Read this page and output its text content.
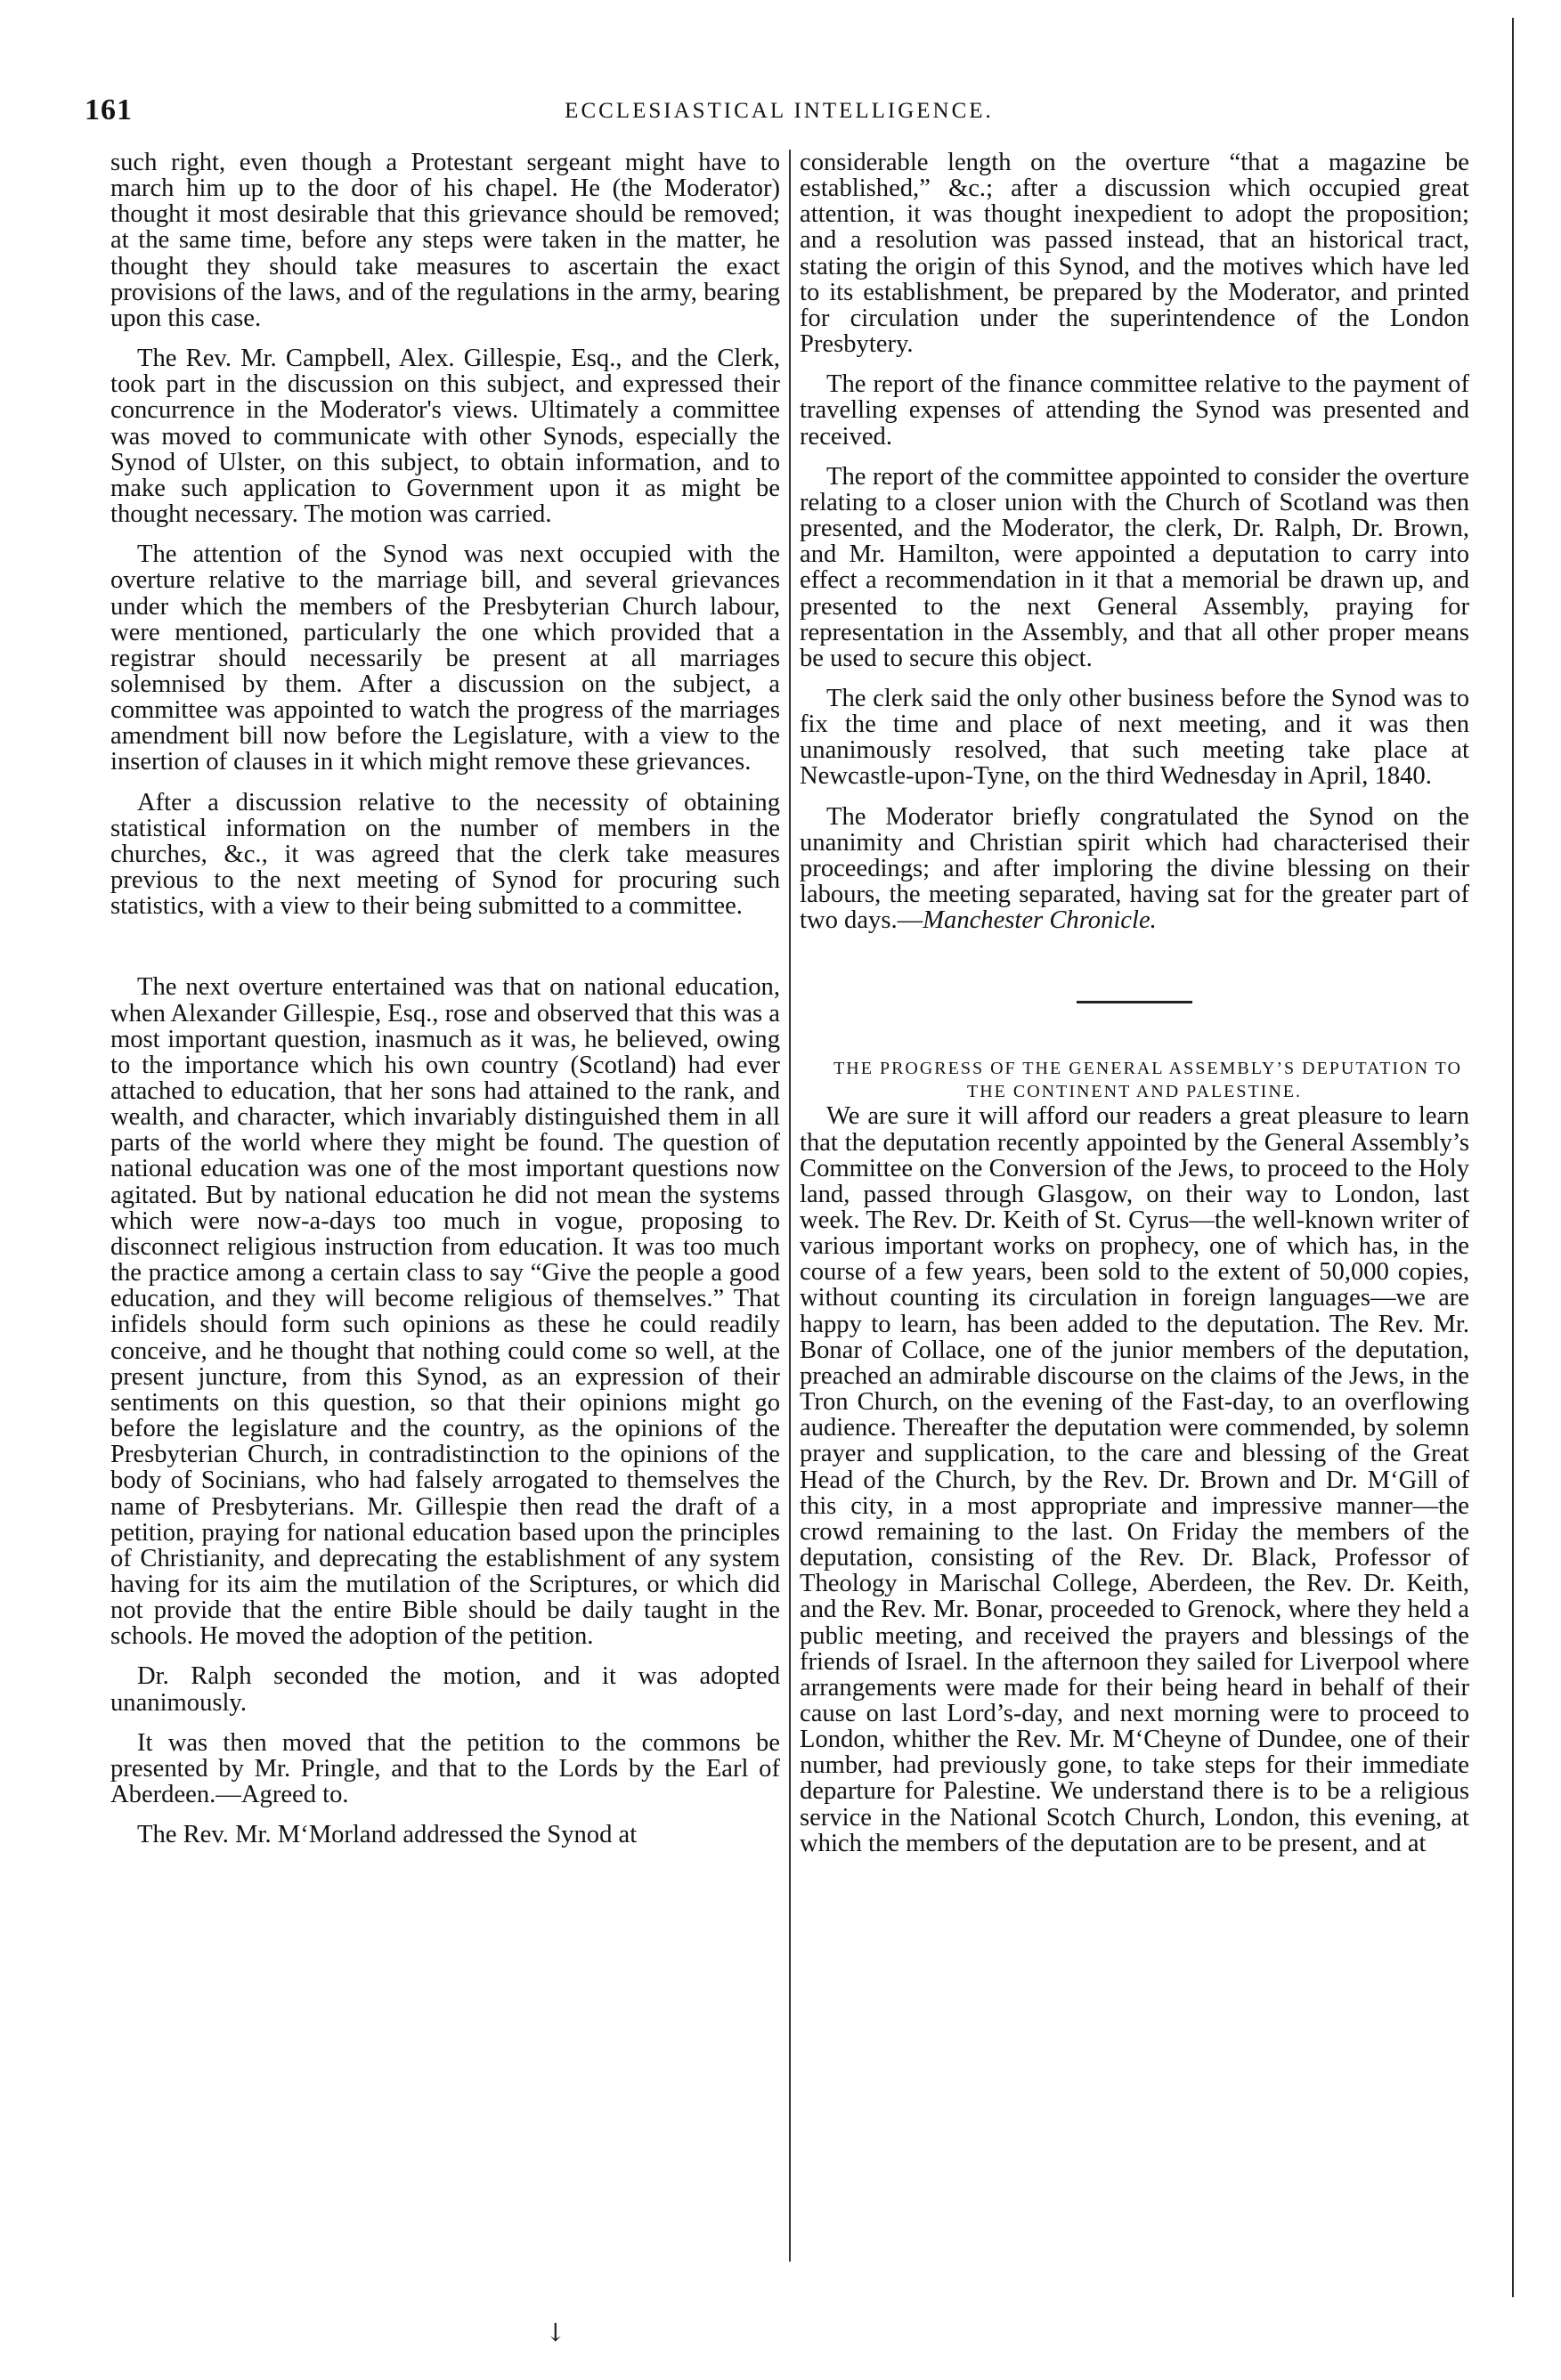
161	ECCLESIASTICAL INTELLIGENCE.

such right, even though a Protestant sergeant might have to march him up to the door of his chapel. He (the Moderator) thought it most desirable that this grievance should be removed; at the same time, before any steps were taken in the matter, he thought they should take measures to ascertain the exact provisions of the laws, and of the regulations in the army, bearing upon this case.

The Rev. Mr. Campbell, Alex. Gillespie, Esq., and the Clerk, took part in the discussion on this subject, and expressed their concurrence in the Moderator's views. Ultimately a committee was moved to communicate with other Synods, especially the Synod of Ulster, on this subject, to obtain information, and to make such application to Government upon it as might be thought necessary. The motion was carried.

The attention of the Synod was next occupied with the overture relative to the marriage bill, and several grievances under which the members of the Presbyterian Church labour, were mentioned, particularly the one which provided that a registrar should necessarily be present at all marriages solemnised by them. After a discussion on the subject, a committee was appointed to watch the progress of the marriages amendment bill now before the Legislature, with a view to the insertion of clauses in it which might remove these grievances.

After a discussion relative to the necessity of obtaining statistical information on the number of members in the churches, &c., it was agreed that the clerk take measures previous to the next meeting of Synod for procuring such statistics, with a view to their being submitted to a committee.

The next overture entertained was that on national education, when Alexander Gillespie, Esq., rose and observed that this was a most important question, inasmuch as it was, he believed, owing to the importance which his own country (Scotland) had ever attached to education, that her sons had attained to the rank, and wealth, and character, which invariably distinguished them in all parts of the world where they might be found. The question of national education was one of the most important questions now agitated. But by national education he did not mean the systems which were now-a-days too much in vogue, proposing to disconnect religious instruction from education. It was too much the practice among a certain class to say “Give the people a good education, and they will become religious of themselves.” That infidels should form such opinions as these he could readily conceive, and he thought that nothing could come so well, at the present juncture, from this Synod, as an expression of their sentiments on this question, so that their opinions might go before the legislature and the country, as the opinions of the Presbyterian Church, in contradistinction to the opinions of the body of Socinians, who had falsely arrogated to themselves the name of Presbyterians. Mr. Gillespie then read the draft of a petition, praying for national education based upon the principles of Christianity, and deprecating the establishment of any system having for its aim the mutilation of the Scriptures, or which did not provide that the entire Bible should be daily taught in the schools. He moved the adoption of the petition.

Dr. Ralph seconded the motion, and it was adopted unanimously.

It was then moved that the petition to the commons be presented by Mr. Pringle, and that to the Lords by the Earl of Aberdeen.—Agreed to.

The Rev. Mr. M‘Morland addressed the Synod at

considerable length on the overture “that a magazine be established,” &c.; after a discussion which occupied great attention, it was thought inexpedient to adopt the proposition; and a resolution was passed instead, that an historical tract, stating the origin of this Synod, and the motives which have led to its establishment, be prepared by the Moderator, and printed for circulation under the superintendence of the London Presbytery.

The report of the finance committee relative to the payment of travelling expenses of attending the Synod was presented and received.

The report of the committee appointed to consider the overture relating to a closer union with the Church of Scotland was then presented, and the Moderator, the clerk, Dr. Ralph, Dr. Brown, and Mr. Hamilton, were appointed a deputation to carry into effect a recommendation in it that a memorial be drawn up, and presented to the next General Assembly, praying for representation in the Assembly, and that all other proper means be used to secure this object.

The clerk said the only other business before the Synod was to fix the time and place of next meeting, and it was then unanimously resolved, that such meeting take place at Newcastle-upon-Tyne, on the third Wednesday in April, 1840.

The Moderator briefly congratulated the Synod on the unanimity and Christian spirit which had characterised their proceedings; and after imploring the divine blessing on their labours, the meeting separated, having sat for the greater part of two days.—Manchester Chronicle.

THE PROGRESS OF THE GENERAL ASSEMBLY’S DEPUTATION TO THE CONTINENT AND PALESTINE.

We are sure it will afford our readers a great pleasure to learn that the deputation recently appointed by the General Assembly’s Committee on the Conversion of the Jews, to proceed to the Holy land, passed through Glasgow, on their way to London, last week. The Rev. Dr. Keith of St. Cyrus—the well-known writer of various important works on prophecy, one of which has, in the course of a few years, been sold to the extent of 50,000 copies, without counting its circulation in foreign languages—we are happy to learn, has been added to the deputation. The Rev. Mr. Bonar of Collace, one of the junior members of the deputation, preached an admirable discourse on the claims of the Jews, in the Tron Church, on the evening of the Fast-day, to an overflowing audience. Thereafter the deputation were commended, by solemn prayer and supplication, to the care and blessing of the Great Head of the Church, by the Rev. Dr. Brown and Dr. M‘Gill of this city, in a most appropriate and impressive manner—the crowd remaining to the last. On Friday the members of the deputation, consisting of the Rev. Dr. Black, Professor of Theology in Marischal College, Aberdeen, the Rev. Dr. Keith, and the Rev. Mr. Bonar, proceeded to Grenock, where they held a public meeting, and received the prayers and blessings of the friends of Israel. In the afternoon they sailed for Liverpool where arrangements were made for their being heard in behalf of their cause on last Lord’s-day, and next morning were to proceed to London, whither the Rev. Mr. M‘Cheyne of Dundee, one of their number, had previously gone, to take steps for their immediate departure for Palestine. We understand there is to be a religious service in the National Scotch Church, London, this evening, at which the members of the deputation are to be present, and at

↘
